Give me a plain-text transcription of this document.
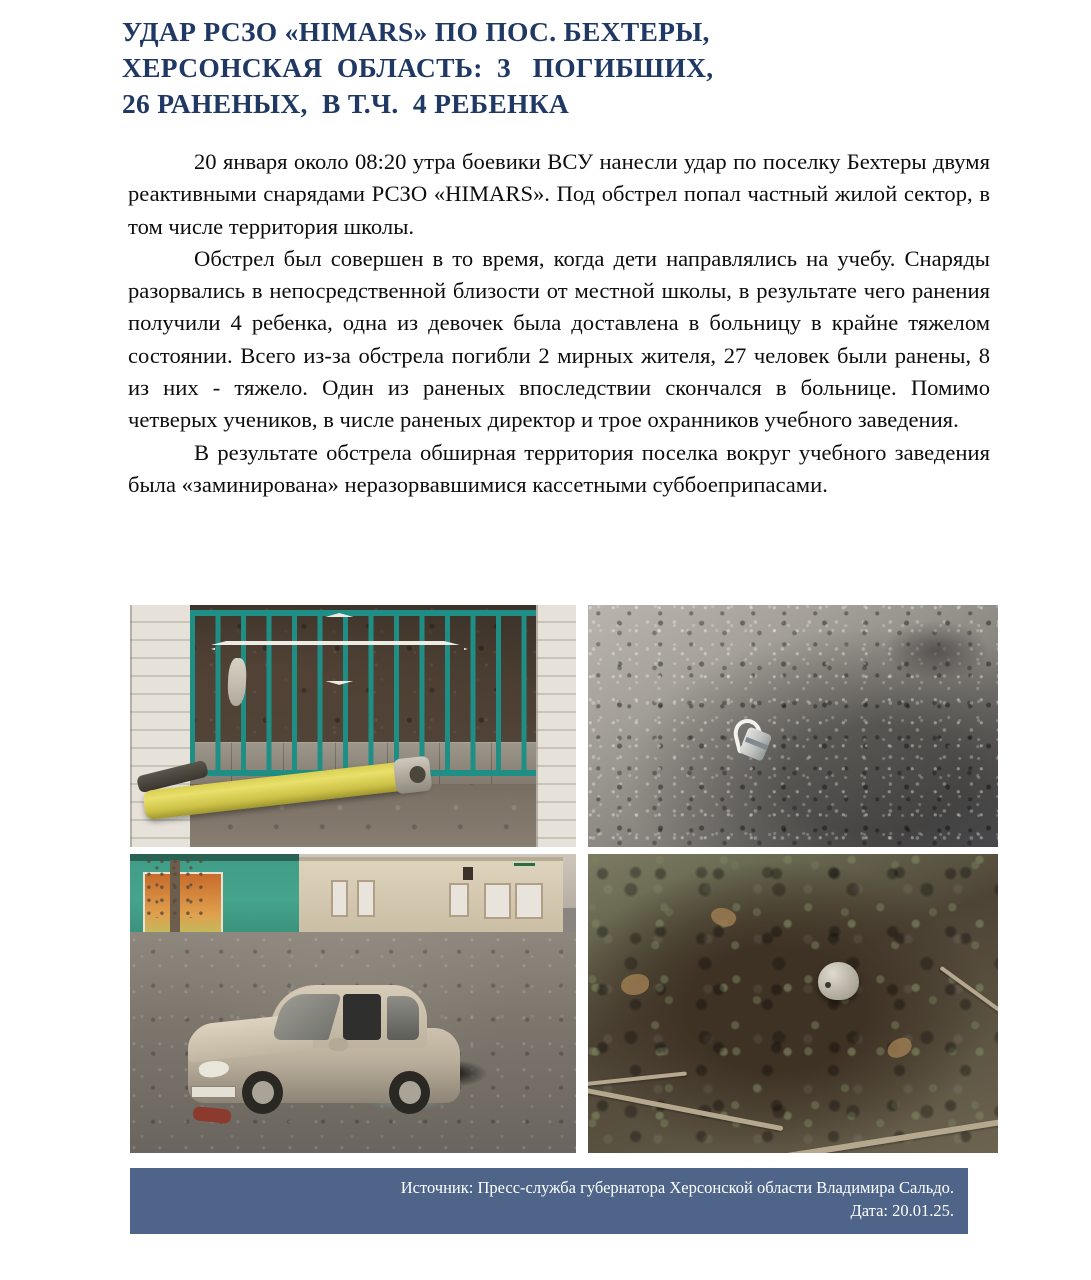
УДАР РСЗО «HIMARS» ПО ПОС. БЕХТЕРЫ,
ХЕРСОНСКАЯ  ОБЛАСТЬ:  3   ПОГИБШИХ,
26 РАНЕНЫХ,  В Т.Ч.  4 РЕБЕНКА

20 января около 08:20 утра боевики ВСУ нанесли удар по поселку Бехтеры двумя реактивными снарядами РСЗО «HIMARS». Под обстрел попал частный жилой сектор, в том числе территория школы.

Обстрел был совершен в то время, когда дети направлялись на учебу. Снаряды разорвались в непосредственной близости от местной школы, в результате чего ранения получили 4 ребенка, одна из девочек была доставлена в больницу в крайне тяжелом состоянии. Всего из-за обстрела погибли 2 мирных жителя, 27 человек были ранены, 8 из них - тяжело. Один из раненых впоследствии скончался в больнице. Помимо четверых учеников, в числе раненых директор и трое охранников учебного заведения.

В результате обстрела обширная территория поселка вокруг учебного заведения была «заминирована» неразорвавшимися кассетными суббоеприпасами.

Источник: Пресс-служба губернатора Херсонской области Владимира Сальдо.
Дата: 20.01.25.
